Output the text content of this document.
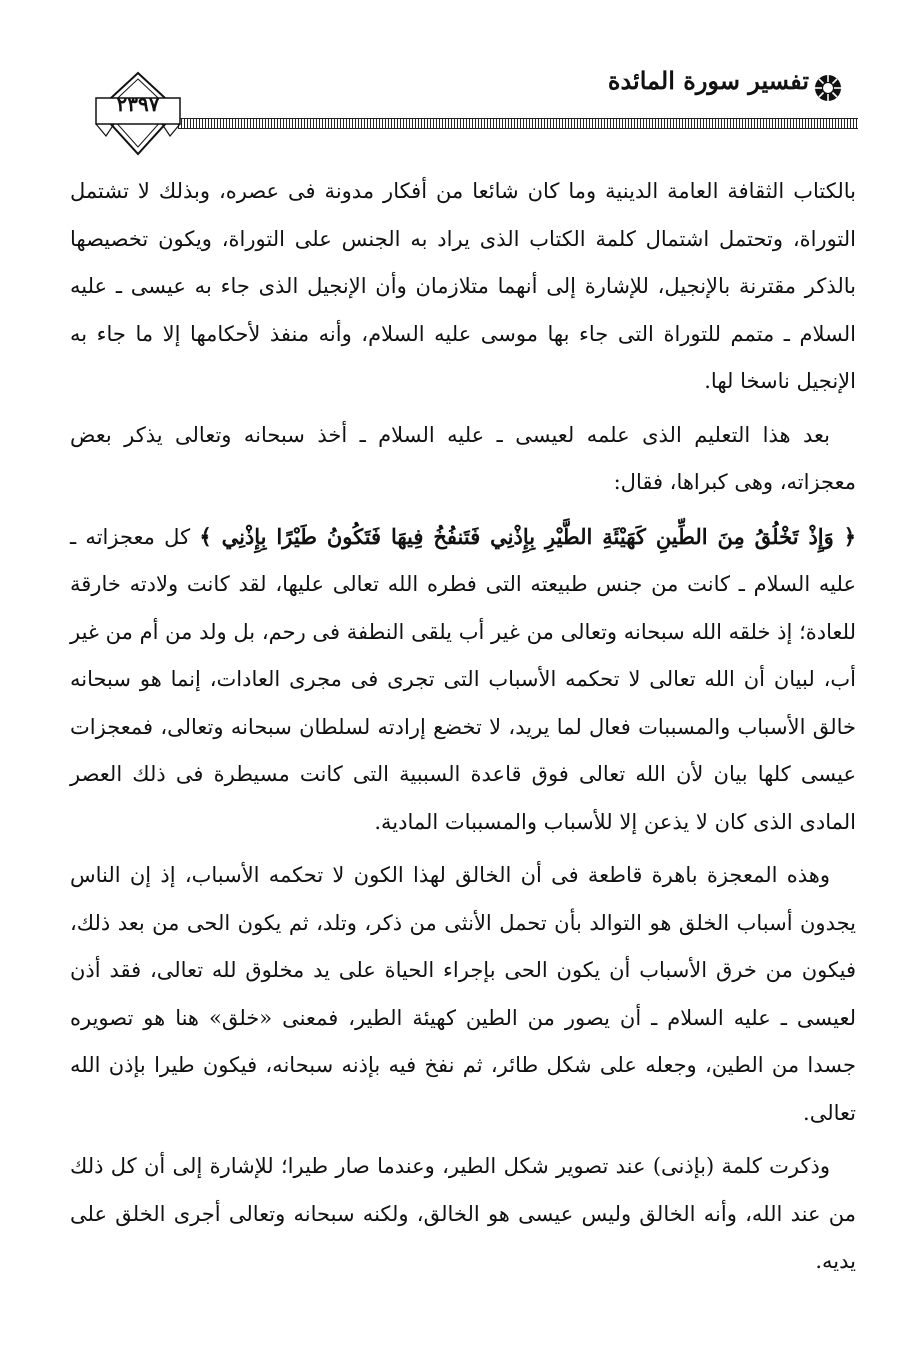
تفسير سورة المائدة
٢٣٩٧

بالكتاب الثقافة العامة الدينية وما كان شائعا من أفكار مدونة فى عصره، وبذلك لا تشتمل التوراة، وتحتمل اشتمال كلمة الكتاب الذى يراد به الجنس على التوراة، ويكون تخصيصها بالذكر مقترنة بالإنجيل، للإشارة إلى أنهما متلازمان وأن الإنجيل الذى جاء به عيسى ـ عليه السلام ـ متمم للتوراة التى جاء بها موسى عليه السلام، وأنه منفذ لأحكامها إلا ما جاء به الإنجيل ناسخا لها.

بعد هذا التعليم الذى علمه لعيسى ـ عليه السلام ـ أخذ سبحانه وتعالى يذكر بعض معجزاته، وهى كبراها، فقال:

﴿ وَإِذْ تَخْلُقُ مِنَ الطِّينِ كَهَيْئَةِ الطَّيْرِ بِإِذْنِي فَتَنفُخُ فِيهَا فَتَكُونُ طَيْرًا بِإِذْنِي ﴾ كل معجزاته ـ عليه السلام ـ كانت من جنس طبيعته التى فطره الله تعالى عليها، لقد كانت ولادته خارقة للعادة؛ إذ خلقه الله سبحانه وتعالى من غير أب يلقى النطفة فى رحم، بل ولد من أم من غير أب، لبيان أن الله تعالى لا تحكمه الأسباب التى تجرى فى مجرى العادات، إنما هو سبحانه خالق الأسباب والمسببات فعال لما يريد، لا تخضع إرادته لسلطان سبحانه وتعالى، فمعجزات عيسى كلها بيان لأن الله تعالى فوق قاعدة السببية التى كانت مسيطرة فى ذلك العصر المادى الذى كان لا يذعن إلا للأسباب والمسببات المادية.

وهذه المعجزة باهرة قاطعة فى أن الخالق لهذا الكون لا تحكمه الأسباب، إذ إن الناس يجدون أسباب الخلق هو التوالد بأن تحمل الأنثى من ذكر، وتلد، ثم يكون الحى من بعد ذلك، فيكون من خرق الأسباب أن يكون الحى بإجراء الحياة على يد مخلوق لله تعالى، فقد أذن لعيسى ـ عليه السلام ـ أن يصور من الطين كهيئة الطير، فمعنى «خلق» هنا هو تصويره جسدا من الطين، وجعله على شكل طائر، ثم نفخ فيه بإذنه سبحانه، فيكون طيرا بإذن الله تعالى.

وذكرت كلمة (بإذنى) عند تصوير شكل الطير، وعندما صار طيرا؛ للإشارة إلى أن كل ذلك من عند الله، وأنه الخالق وليس عيسى هو الخالق، ولكنه سبحانه وتعالى أجرى الخلق على يديه.
